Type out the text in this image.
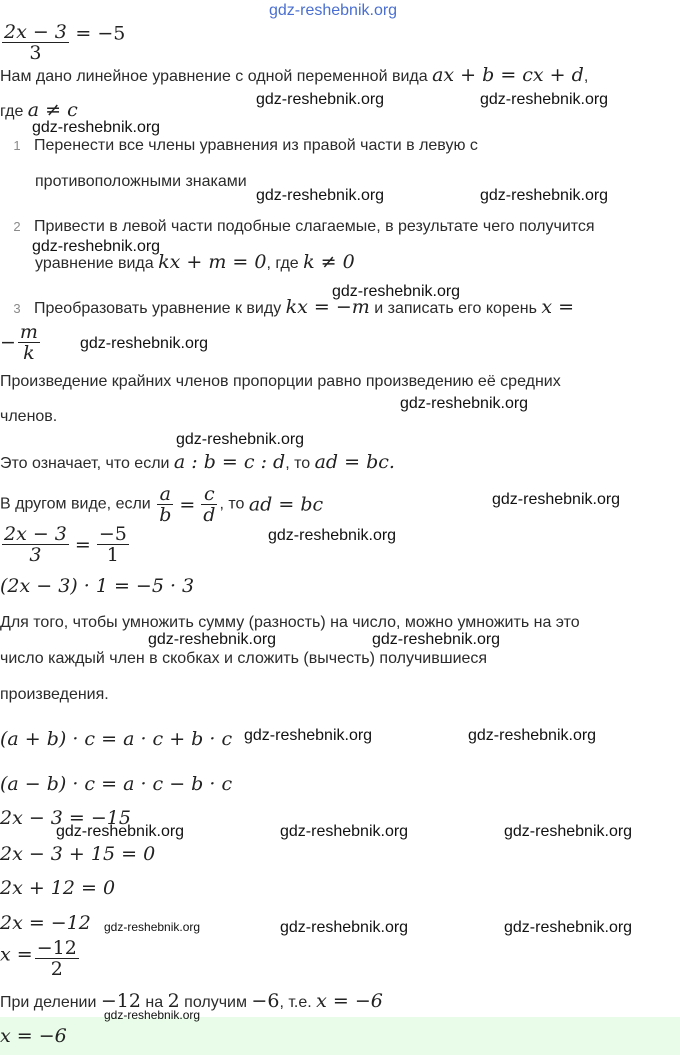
$\frac{2x - 3}{3} = -5$
Нам дано линейное уравнение с одной переменной вида ax + b = cx + d,
где a ≠ c
1 Перенести все члены уравнения из правой части в левую с
противоположными знаками
2 Привести в левой части подобные слагаемые, в результате чего получится
уравнение вида kx + m = 0, где k ≠ 0
3 Преобразовать уравнение к виду kx = −m и записать его корень x =
− $\frac{m}{k}$
Произведение крайних членов пропорции равно произведению её средних
членов.
Это означает, что если a : b = c : d, то ad = bc.
В другом виде, если $\frac{a}{b} = \frac{c}{d}$ , то ad = bc
$\frac{2x - 3}{3} = \frac{-5}{1}$
(2x − 3) · 1 = −5 · 3
Для того, чтобы умножить сумму (разность) на число, можно умножить на это
число каждый член в скобках и сложить (вычесть) получившиеся
произведения.
(a + b) · c = a · c + b · c
(a − b) · c = a · c − b · c
2x − 3 = −15
2x − 3 + 15 = 0
2x + 12 = 0
2x = −12
$x = \frac{-12}{2}$
При делении −12 на 2 получим −6, т.е. x = −6
x = −6
gdz-reshebnik.org
gdz-reshebnik.org	gdz-reshebnik.org
gdz-reshebnik.org
gdz-reshebnik.org	gdz-reshebnik.org
gdz-reshebnik.org
gdz-reshebnik.org
gdz-reshebnik.org
gdz-reshebnik.org
gdz-reshebnik.org
gdz-reshebnik.org
gdz-reshebnik.org
gdz-reshebnik.org	gdz-reshebnik.org
gdz-reshebnik.org	gdz-reshebnik.org
gdz-reshebnik.org	gdz-reshebnik.org	gdz-reshebnik.org
gdz-reshebnik.org	gdz-reshebnik.org	gdz-reshebnik.org
gdz-reshebnik.org
